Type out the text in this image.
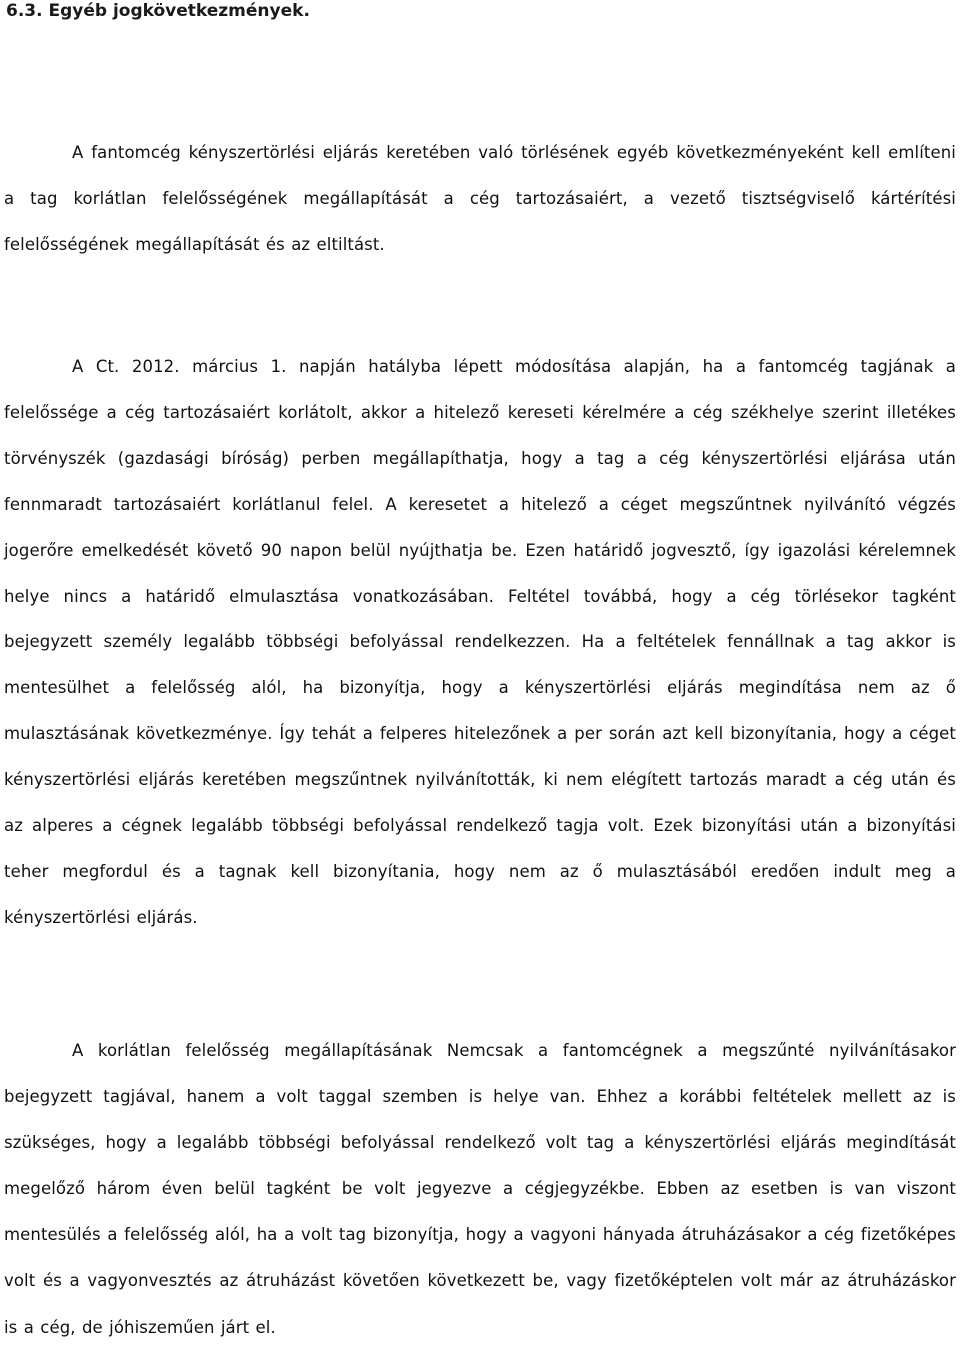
6.3. Egyéb jogkövetkezmények.

A fantomcég kényszertörlési eljárás keretében való törlésének egyéb következményeként kell említeni a tag korlátlan felelősségének megállapítását a cég tartozásaiért, a vezető tisztségviselő kártérítési felelősségének megállapítását és az eltiltást.

A Ct. 2012. március 1. napján hatályba lépett módosítása alapján, ha a fantomcég tagjának a felelőssége a cég tartozásaiért korlátolt, akkor a hitelező kereseti kérelmére a cég székhelye szerint illetékes törvényszék (gazdasági bíróság) perben megállapíthatja, hogy a tag a cég kényszertörlési eljárása után fennmaradt tartozásaiért korlátlanul felel. A keresetet a hitelező a céget megszűntnek nyilvánító végzés jogerőre emelkedését követő 90 napon belül nyújthatja be. Ezen határidő jogvesztő, így igazolási kérelemnek helye nincs a határidő elmulasztása vonatkozásában. Feltétel továbbá, hogy a cég törlésekor tagként bejegyzett személy legalább többségi befolyással rendelkezzen. Ha a feltételek fennállnak a tag akkor is mentesülhet a felelősség alól, ha bizonyítja, hogy a kényszertörlési eljárás megindítása nem az ő mulasztásának következménye. Így tehát a felperes hitelezőnek a per során azt kell bizonyítania, hogy a céget kényszertörlési eljárás keretében megszűntnek nyilvánították, ki nem elégített tartozás maradt a cég után és az alperes a cégnek legalább többségi befolyással rendelkező tagja volt. Ezek bizonyítási után a bizonyítási teher megfordul és a tagnak kell bizonyítania, hogy nem az ő mulasztásából eredően indult meg a kényszertörlési eljárás.

A korlátlan felelősség megállapításának Nemcsak a fantomcégnek a megszűnté nyilvánításakor bejegyzett tagjával, hanem a volt taggal szemben is helye van. Ehhez a korábbi feltételek mellett az is szükséges, hogy a legalább többségi befolyással rendelkező volt tag a kényszertörlési eljárás megindítását megelőző három éven belül tagként be volt jegyezve a cégjegyzékbe. Ebben az esetben is van viszont mentesülés a felelősség alól, ha a volt tag bizonyítja, hogy a vagyoni hányada átruházásakor a cég fizetőképes volt és a vagyonvesztés az átruházást követően következett be, vagy fizetőképtelen volt már az átruházáskor is a cég, de jóhiszeműen járt el.
